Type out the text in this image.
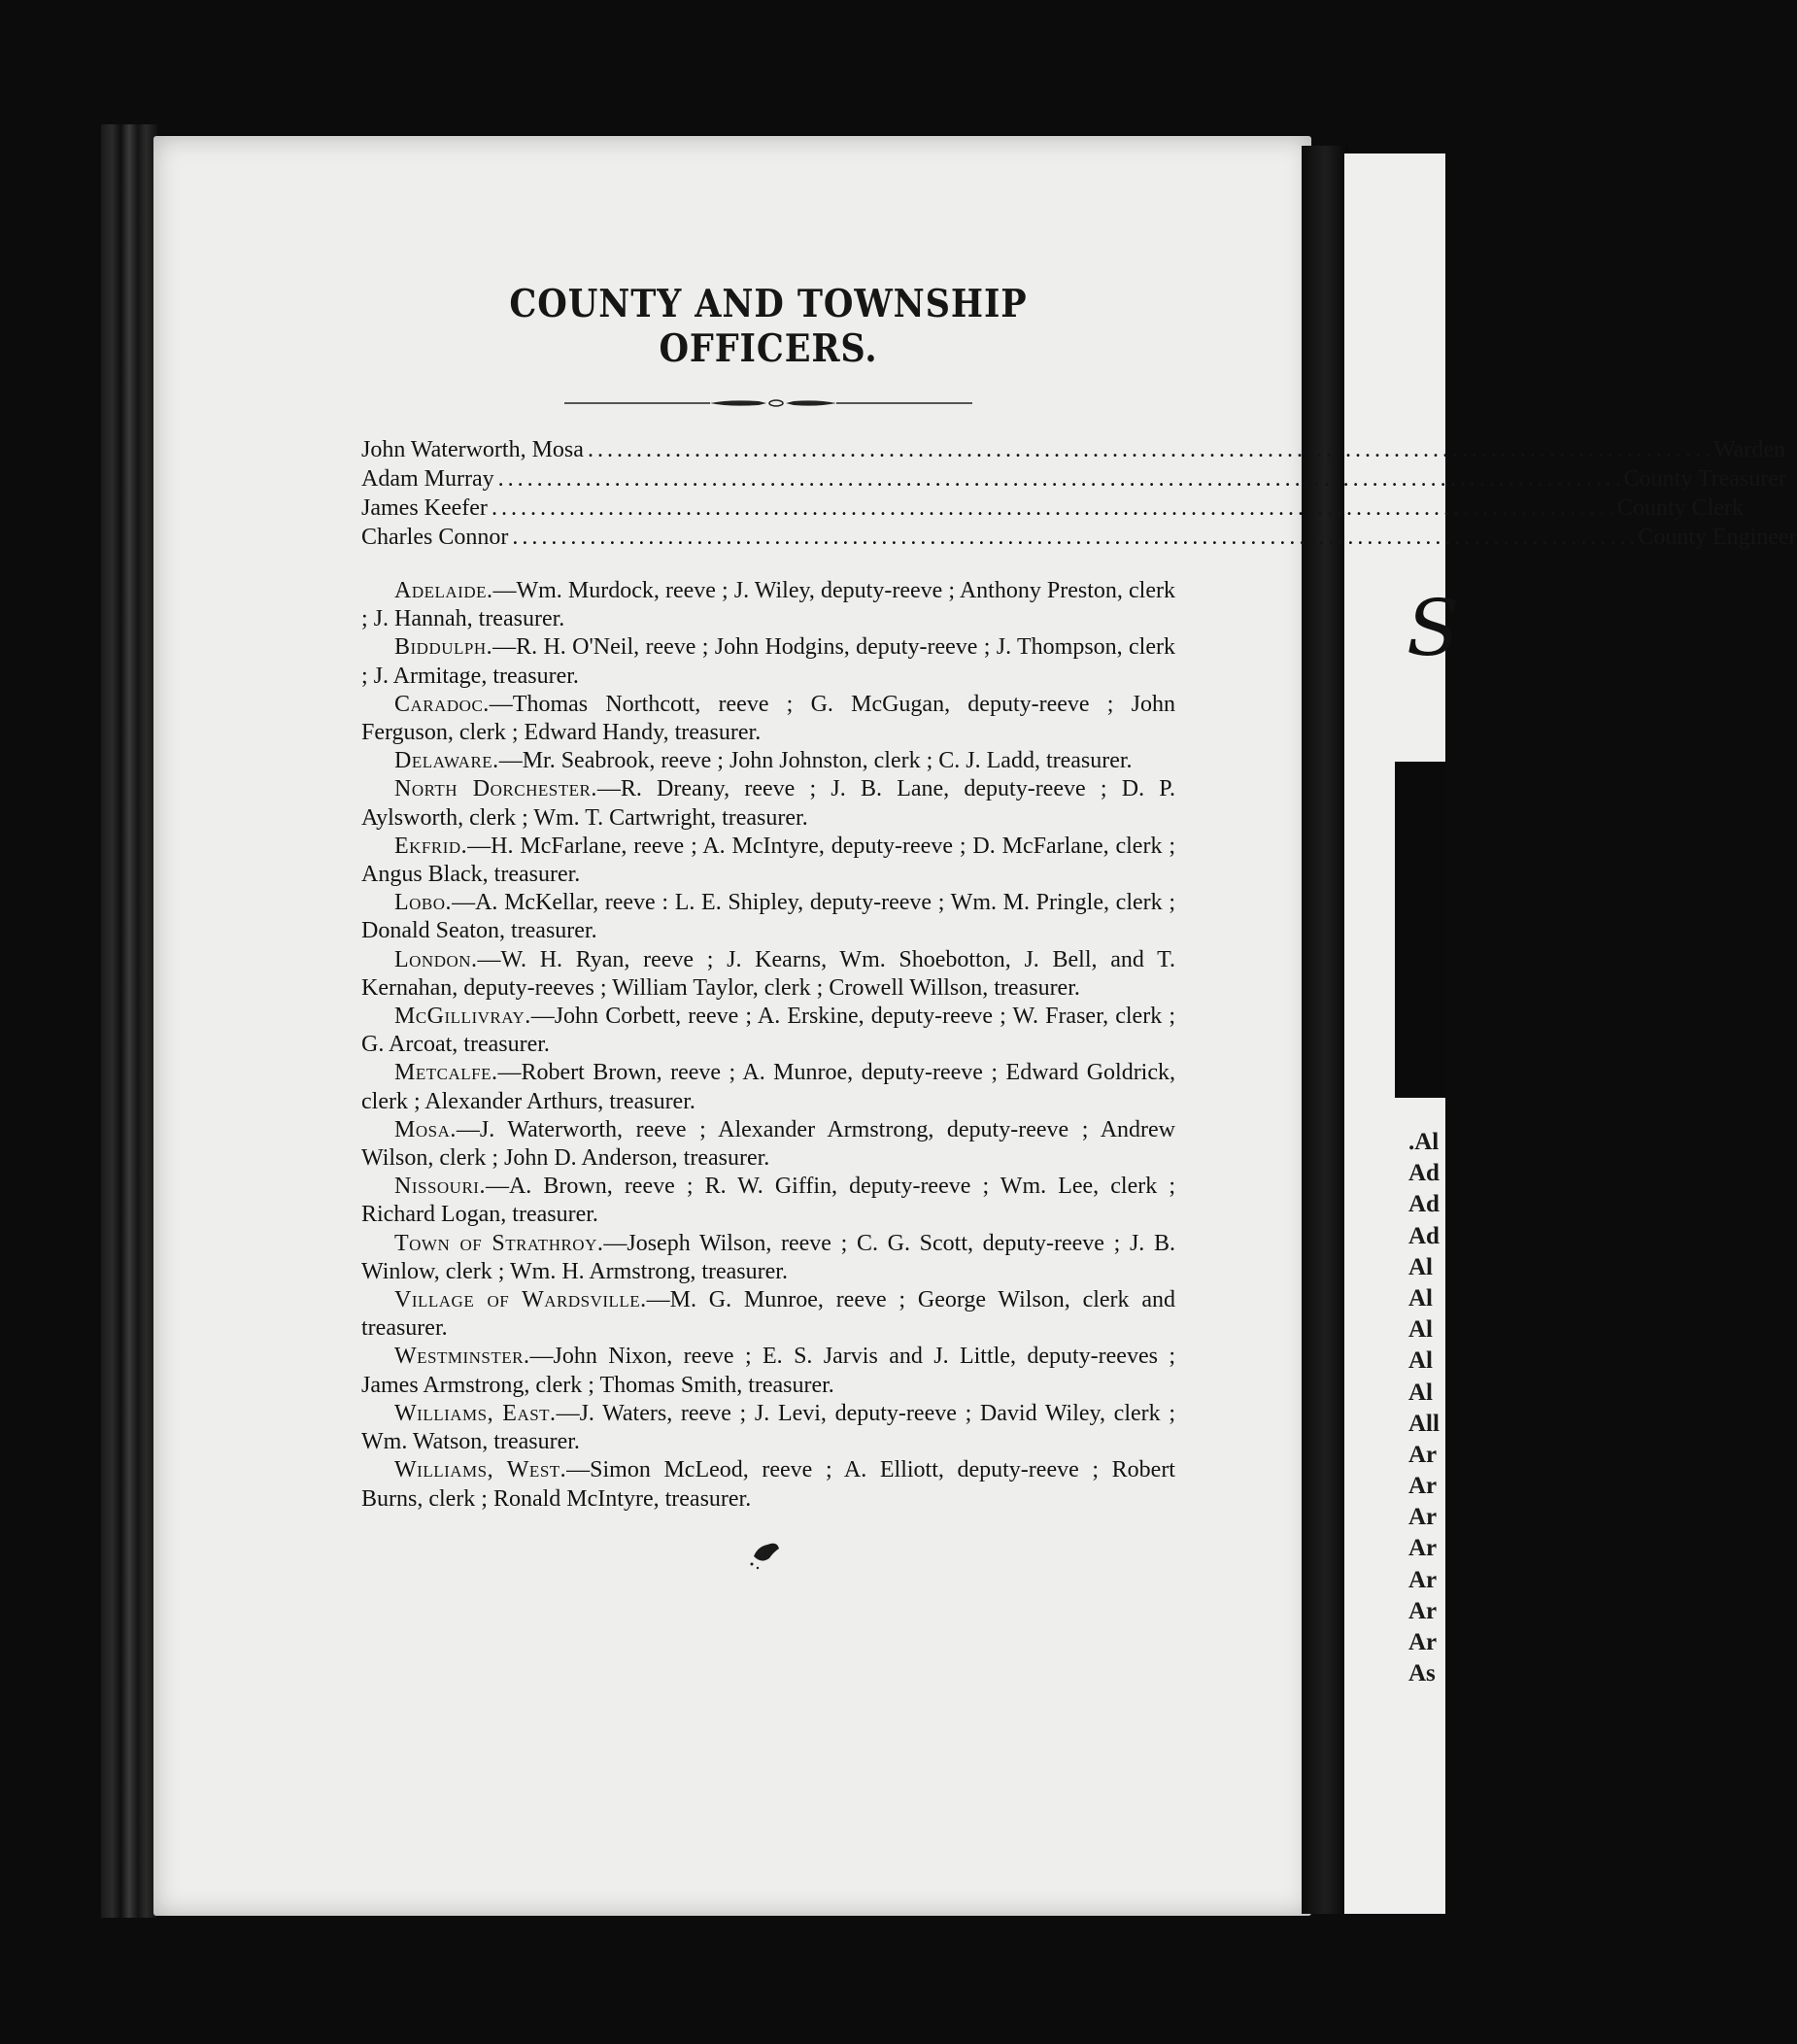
S
.Al
Ad
Ad
Ad
Al
Al
Al
Al
Al
All
Ar
Ar
Ar
Ar
Ar
Ar
Ar
As
COUNTY AND TOWNSHIP OFFICERS.
John Waterworth, Mosa . . .	Warden
Adam Murray . . .	County Treasurer
James Keefer . . .	County Clerk
Charles Connor . . .	County Engineer

Adelaide.—Wm. Murdock, reeve ; J. Wiley, deputy-reeve ; Anthony Preston, clerk ; J. Hannah, treasurer.

Biddulph.—R. H. O'Neil, reeve ; John Hodgins, deputy-reeve ; J. Thompson, clerk ; J. Armitage, treasurer.

Caradoc.—Thomas Northcott, reeve ; G. McGugan, deputy-reeve ; John Ferguson, clerk ; Edward Handy, treasurer.

Delaware.—Mr. Seabrook, reeve ; John Johnston, clerk ; C. J. Ladd, treasurer.

North Dorchester.—R. Dreany, reeve ; J. B. Lane, deputy-reeve ; D. P. Aylsworth, clerk ; Wm. T. Cartwright, treasurer.

Ekfrid.—H. McFarlane, reeve ; A. McIntyre, deputy-reeve ; D. McFarlane, clerk ; Angus Black, treasurer.

Lobo.—A. McKellar, reeve : L. E. Shipley, deputy-reeve ; Wm. M. Pringle, clerk ; Donald Seaton, treasurer.

London.—W. H. Ryan, reeve ; J. Kearns, Wm. Shoebotton, J. Bell, and T. Kernahan, deputy-reeves ; William Taylor, clerk ; Crowell Willson, treasurer.

McGillivray.—John Corbett, reeve ; A. Erskine, deputy-reeve ; W. Fraser, clerk ; G. Arcoat, treasurer.

Metcalfe.—Robert Brown, reeve ; A. Munroe, deputy-reeve ; Edward Goldrick, clerk ; Alexander Arthurs, treasurer.

Mosa.—J. Waterworth, reeve ; Alexander Armstrong, deputy-reeve ; Andrew Wilson, clerk ; John D. Anderson, treasurer.

Nissouri.—A. Brown, reeve ; R. W. Giffin, deputy-reeve ; Wm. Lee, clerk ; Richard Logan, treasurer.

Town of Strathroy.—Joseph Wilson, reeve ; C. G. Scott, deputy-reeve ; J. B. Winlow, clerk ; Wm. H. Armstrong, treasurer.

Village of Wardsville.—M. G. Munroe, reeve ; George Wilson, clerk and treasurer.

Westminster.—John Nixon, reeve ; E. S. Jarvis and J. Little, deputy-reeves ; James Armstrong, clerk ; Thomas Smith, treasurer.

Williams, East.—J. Waters, reeve ; J. Levi, deputy-reeve ; David Wiley, clerk ; Wm. Watson, treasurer.

Williams, West.—Simon McLeod, reeve ; A. Elliott, deputy-reeve ; Robert Burns, clerk ; Ronald McIntyre, treasurer.
